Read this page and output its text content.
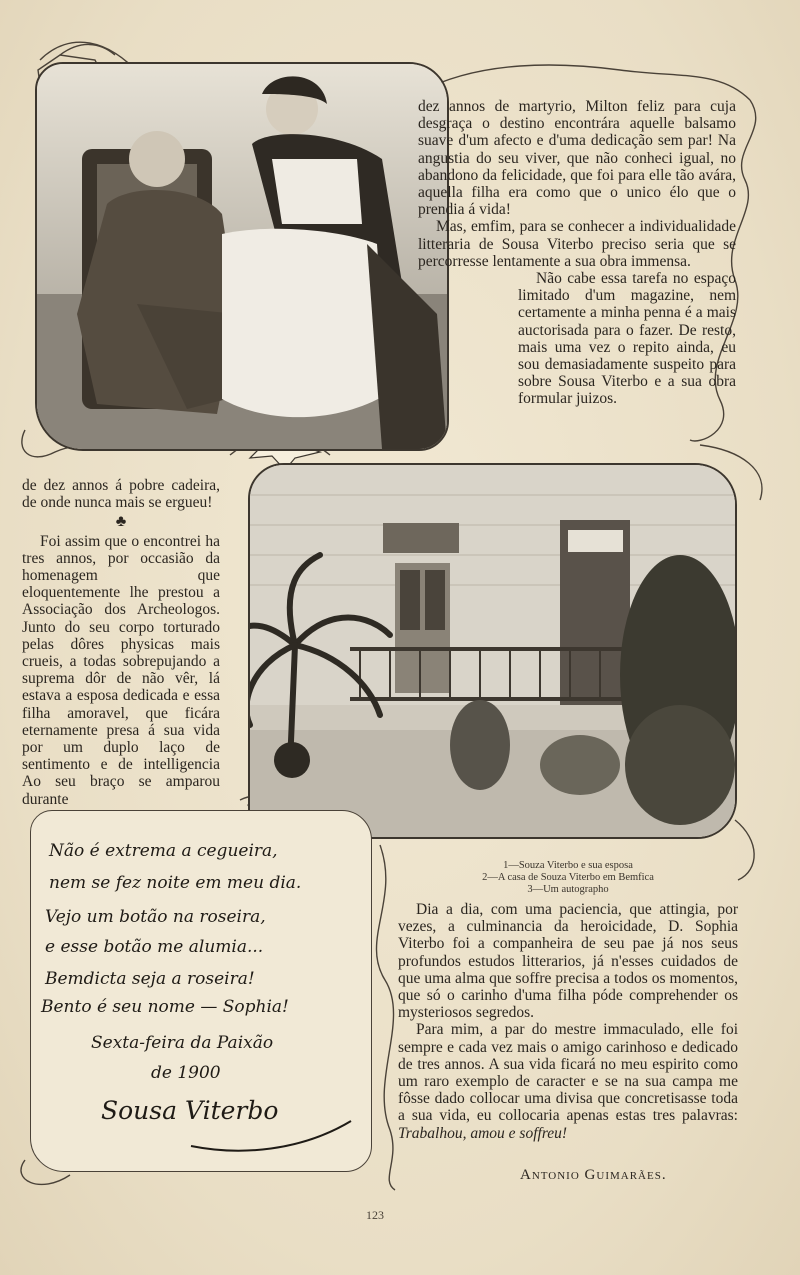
dez annos de martyrio, Milton feliz para cuja desgraça o destino encontrára aquelle balsamo suave d'um afecto e d'uma dedicação sem par! Na angustia do seu viver, que não conheci igual, no abandono da felicidade, que foi para elle tão avára, aquella filha era como que o unico élo que o prendia á vida!

Mas, emfim, para se conhecer a individualidade litteraria de Sousa Viterbo preciso seria que se percorresse lentamente a sua obra immensa.

Não cabe essa tarefa no espaço limitado d'um magazine, nem certamente a minha penna é a mais auctorisada para o fazer. De resto, mais uma vez o repito ainda, eu sou demasiadamente suspeito para sobre Sousa Viterbo e a sua obra formular juizos.

de dez annos á pobre cadeira, de onde nunca mais se ergueu!

♣

Foi assim que o encontrei ha tres annos, por occasião da homenagem que eloquentemente lhe prestou a Associação dos Archeologos. Junto do seu corpo torturado pelas dôres physicas mais crueis, a todas sobrepujando a suprema dôr de não vêr, lá estava a esposa dedicada e essa filha amoravel, que ficára eternamente presa á sua vida por um duplo laço de sentimento e de intelligencia Ao seu braço se amparou durante

1—Souza Viterbo e sua esposa
2—A casa de Souza Viterbo em Bemfica
3—Um autographo
Não é extrema a cegueira,
nem se fez noite em meu dia.
Vejo um botão na roseira,
e esse botão me alumia...
Bemdicta seja a roseira!
Bento é seu nome — Sophia!
Sexta-feira da Paixão
de 1900
Sousa Viterbo

Dia a dia, com uma paciencia, que attingia, por vezes, a culminancia da heroicidade, D. Sophia Viterbo foi a companheira de seu pae já nos seus profundos estudos litterarios, já n'esses cuidados de que uma alma que soffre precisa a todos os momentos, que só o carinho d'uma filha póde comprehender os mysteriosos segredos.

Para mim, a par do mestre immaculado, elle foi sempre e cada vez mais o amigo carinhoso e dedicado de tres annos. A sua vida ficará no meu espirito como um raro exemplo de caracter e se na sua campa me fôsse dado collocar uma divisa que concretisasse toda a sua vida, eu collocaria apenas estas tres palavras: Trabalhou, amou e soffreu!

Antonio Guimarães.
123
